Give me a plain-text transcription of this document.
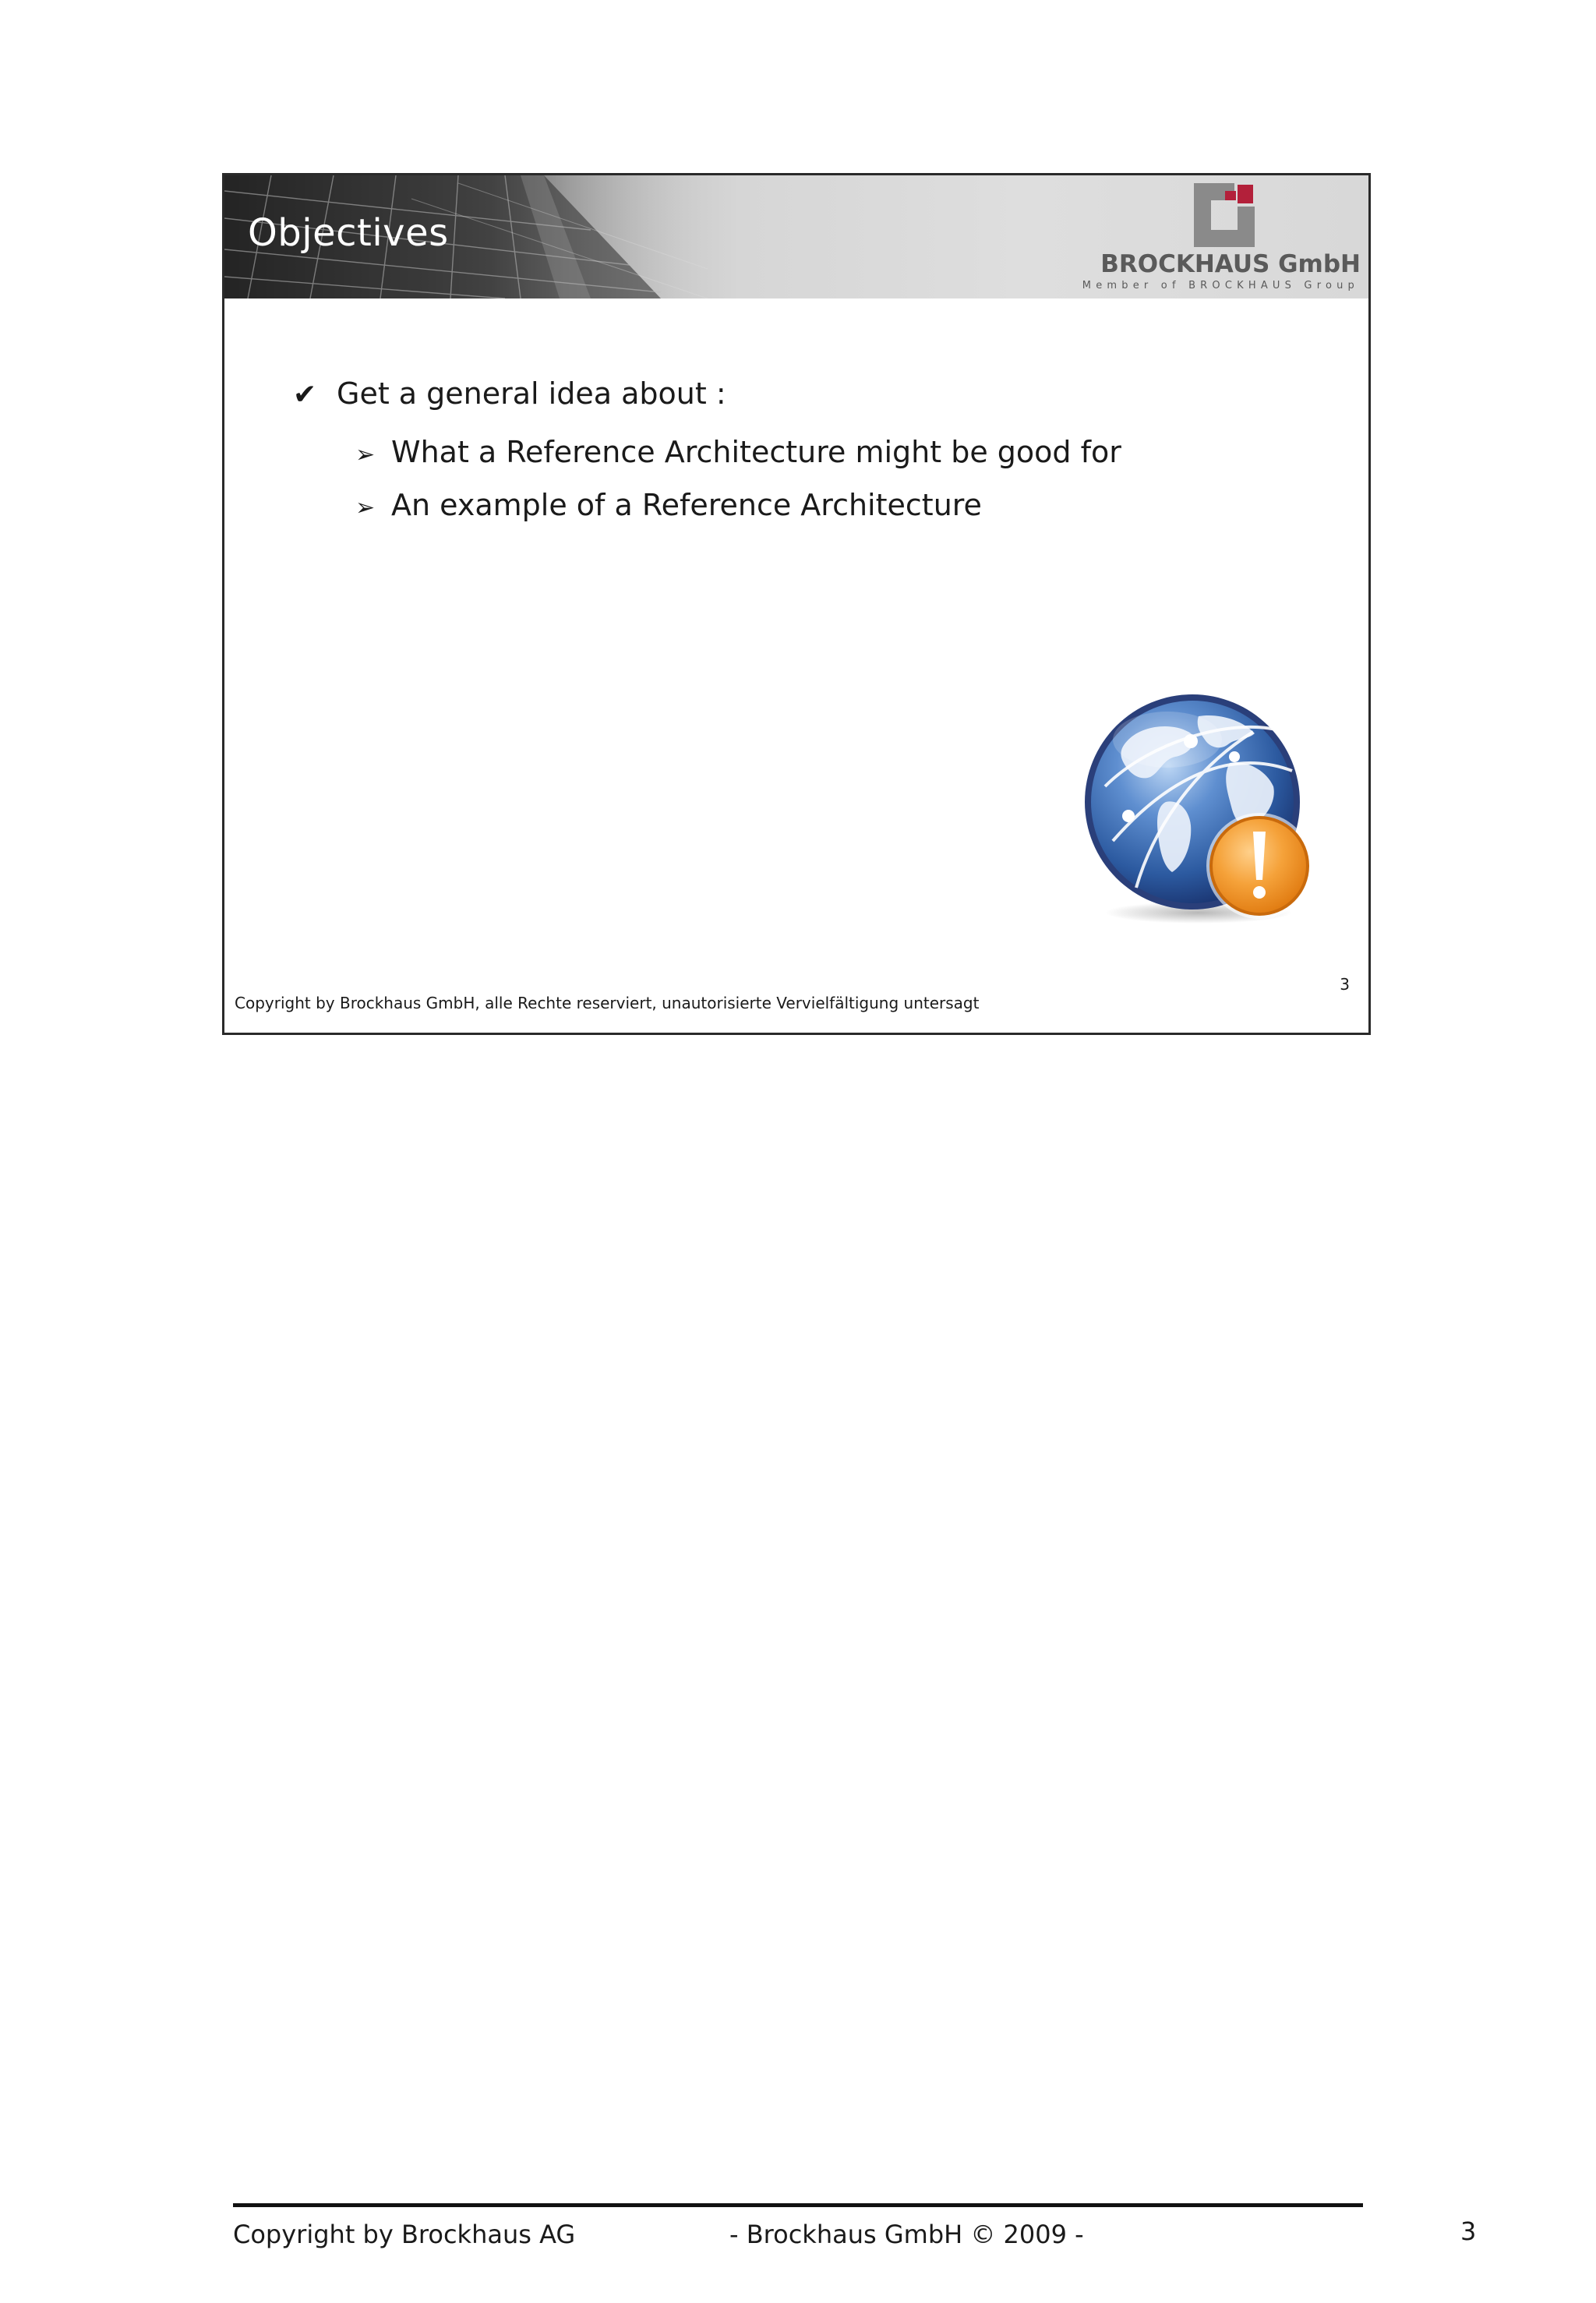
Objectives
BROCKHAUS GmbH
Member of BROCKHAUS Group
✔ Get a general idea about :
➢ What a Reference Architecture might be good for
➢ An example of a Reference Architecture
3
Copyright by Brockhaus GmbH, alle Rechte reserviert, unautorisierte Vervielfältigung untersagt
Copyright by Brockhaus AG	- Brockhaus GmbH © 2009 -	3
